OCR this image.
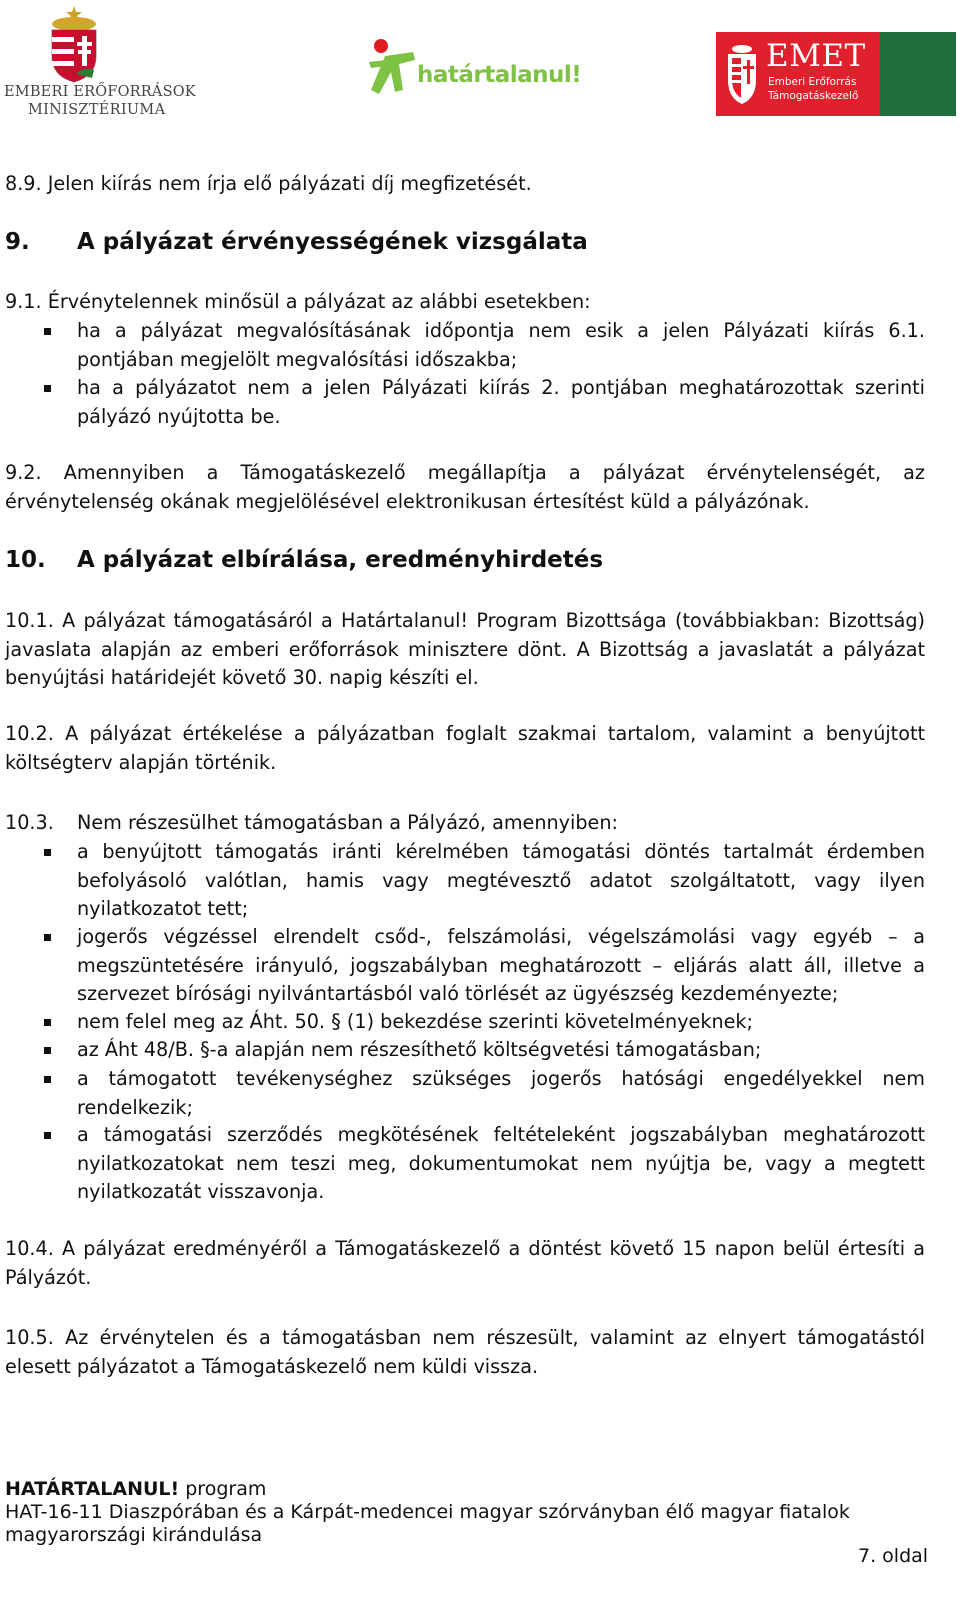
EMBERI ERŐFORRÁSOK
MINISZTÉRIUMA
határtalanul!
EMET
Emberi Erőforrás
Támogatáskezelő

8.9. Jelen kiírás nem írja elő pályázati díj megfizetését.

9. A pályázat érvényességének vizsgálata

9.1. Érvénytelennek minősül a pályázat az alábbi esetekben:

ha a pályázat megvalósításának időpontja nem esik a jelen Pályázati kiírás 6.1. pontjában megjelölt megvalósítási időszakba;
ha a pályázatot nem a jelen Pályázati kiírás 2. pontjában meghatározottak szerinti pályázó nyújtotta be.

9.2. Amennyiben a Támogatáskezelő megállapítja a pályázat érvénytelenségét, az érvénytelenség okának megjelölésével elektronikusan értesítést küld a pályázónak.

10. A pályázat elbírálása, eredményhirdetés

10.1. A pályázat támogatásáról a Határtalanul! Program Bizottsága (továbbiakban: Bizottság) javaslata alapján az emberi erőforrások minisztere dönt. A Bizottság a javaslatát a pályázat benyújtási határidejét követő 30. napig készíti el.

10.2. A pályázat értékelése a pályázatban foglalt szakmai tartalom, valamint a benyújtott költségterv alapján történik.

10.3. Nem részesülhet támogatásban a Pályázó, amennyiben:
a benyújtott támogatás iránti kérelmében támogatási döntés tartalmát érdemben befolyásoló valótlan, hamis vagy megtévesztő adatot szolgáltatott, vagy ilyen nyilatkozatot tett;
jogerős végzéssel elrendelt csőd-, felszámolási, végelszámolási vagy egyéb – a megszüntetésére irányuló, jogszabályban meghatározott – eljárás alatt áll, illetve a szervezet bírósági nyilvántartásból való törlését az ügyészség kezdeményezte;
nem felel meg az Áht. 50. § (1) bekezdése szerinti követelményeknek;
az Áht 48/B. §-a alapján nem részesíthető költségvetési támogatásban;
a támogatott tevékenységhez szükséges jogerős hatósági engedélyekkel nem rendelkezik;
a támogatási szerződés megkötésének feltételeként jogszabályban meghatározott nyilatkozatokat nem teszi meg, dokumentumokat nem nyújtja be, vagy a megtett nyilatkozatát visszavonja.

10.4. A pályázat eredményéről a Támogatáskezelő a döntést követő 15 napon belül értesíti a Pályázót.

10.5. Az érvénytelen és a támogatásban nem részesült, valamint az elnyert támogatástól elesett pályázatot a Támogatáskezelő nem küldi vissza.

HATÁRTALANUL! program
HAT-16-11 Diaszpórában és a Kárpát-medencei magyar szórványban élő magyar fiatalok
magyarországi kirándulása
7. oldal
